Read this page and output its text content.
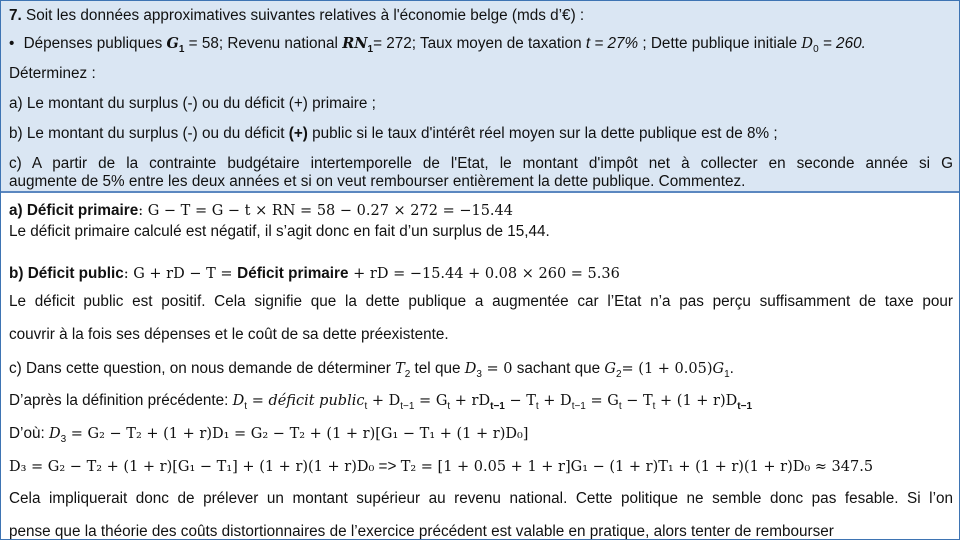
7. Soit les données approximatives suivantes relatives à l'économie belge (mds d’€) :
• Dépenses publiques $G_1 = 58$; Revenu national $RN_1= 272$; Taux moyen de taxation t = 27% ; Dette publique initiale $D_0 = 260$.
Déterminez :
a) Le montant du surplus (-) ou du déficit (+) primaire ;
b) Le montant du surplus (-) ou du déficit (+) public si le taux d'intérêt réel moyen sur la dette publique est de 8% ;
c) A partir de la contrainte budgétaire intertemporelle de l'Etat, le montant d'impôt net à collecter en seconde année si G
augmente de 5% entre les deux années et si on veut rembourser entièrement la dette publique. Commentez.
a) Déficit primaire: G − T = G − t × RN = 58 − 0.27 × 272 = −15.44
Le déficit primaire calculé est négatif, il s’agit donc en fait d’un surplus de 15,44.
b) Déficit public: G + rD − T = Déficit primaire + rD = −15.44 + 0.08 × 260 = 5.36
Le déficit public est positif. Cela signifie que la dette publique a augmentée car l’Etat n’a pas perçu suffisamment de taxe pour
couvrir à la fois ses dépenses et le coût de sa dette préexistente.
c) Dans cette question, on nous demande de déterminer $T_2$ tel que $D_3 = 0$ sachant que $G_2= (1 + 0.05)G_1$.
D’après la définition précédente: $D_t$ = déficit public$_t$ + $D_{t-1} = G_t + rD_{t-1} - T_t + D_{t-1} = G_t - T_t + (1 + r)D_{t-1}$
D’où: $D_3 = G_2 - T_2 + (1 + r)D_1 = G_2 - T_2 + (1 + r)[G_1 - T_1 + (1 + r)D_0]$
D₃ = G₂ − T₂ + (1 + r)[G₁ − T₁] + (1 + r)(1 + r)D₀ => T₂ = [1 + 0.05 + 1 + r]G₁ − (1 + r)T₁ + (1 + r)(1 + r)D₀ ≈ 347.5
Cela impliquerait donc de prélever un montant supérieur au revenu national. Cette politique ne semble donc pas fesable. Si l’on
pense que la théorie des coûts distortionnaires de l’exercice précédent est valable en pratique, alors tenter de rembourser
